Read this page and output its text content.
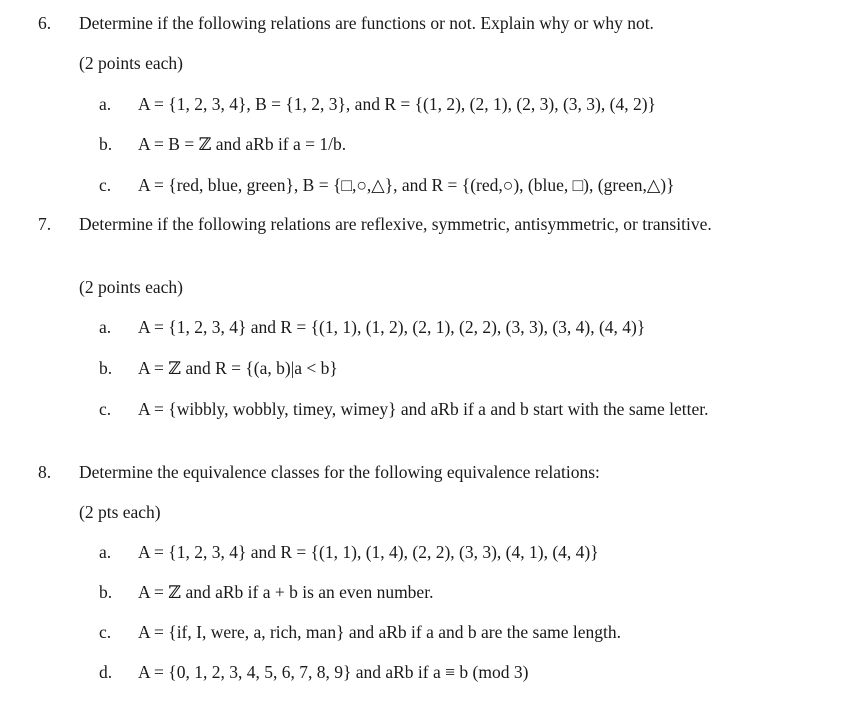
6. Determine if the following relations are functions or not. Explain why or why not.
(2 points each)
a. A = {1, 2, 3, 4}, B = {1, 2, 3}, and R = {(1, 2), (2, 1), (2, 3), (3, 3), (4, 2)}
b. A = B = ℤ and aRb if a = 1/b.
c. A = {red, blue, green}, B = {□,○,△}, and R = {(red,○), (blue, □), (green,△)}
7. Determine if the following relations are reflexive, symmetric, antisymmetric, or transitive.
(2 points each)
a. A = {1, 2, 3, 4} and R = {(1, 1), (1, 2), (2, 1), (2, 2), (3, 3), (3, 4), (4, 4)}
b. A = ℤ and R = {(a, b)|a < b}
c. A = {wibbly, wobbly, timey, wimey} and aRb if a and b start with the same letter.
8. Determine the equivalence classes for the following equivalence relations:
(2 pts each)
a. A = {1, 2, 3, 4} and R = {(1, 1), (1, 4), (2, 2), (3, 3), (4, 1), (4, 4)}
b. A = ℤ and aRb if a + b is an even number.
c. A = {if, I, were, a, rich, man} and aRb if a and b are the same length.
d. A = {0, 1, 2, 3, 4, 5, 6, 7, 8, 9} and aRb if a ≡ b (mod 3)
